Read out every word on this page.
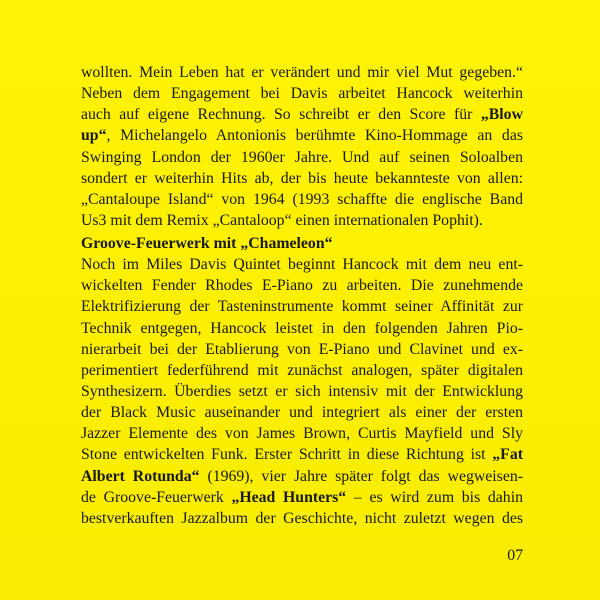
wollten. Mein Leben hat er verändert und mir viel Mut gegeben.“
Neben dem Engagement bei Davis arbeitet Hancock weiterhin
auch auf eigene Rechnung. So schreibt er den Score für „Blow
up“, Michelangelo Antonionis berühmte Kino-Hommage an das
Swinging London der 1960er Jahre. Und auf seinen Soloalben
sondert er weiterhin Hits ab, der bis heute bekannteste von allen:
„Cantaloupe Island“ von 1964 (1993 schaffte die englische Band
Us3 mit dem Remix „Cantaloop“ einen internationalen Pophit).
Groove-Feuerwerk mit „Chameleon“
Noch im Miles Davis Quintet beginnt Hancock mit dem neu ent-
wickelten Fender Rhodes E-Piano zu arbeiten. Die zunehmende
Elektrifizierung der Tasteninstrumente kommt seiner Affinität zur
Technik entgegen, Hancock leistet in den folgenden Jahren Pio-
nierarbeit bei der Etablierung von E-Piano und Clavinet und ex-
perimentiert federführend mit zunächst analogen, später digitalen
Synthesizern. Überdies setzt er sich intensiv mit der Entwicklung
der Black Music auseinander und integriert als einer der ersten
Jazzer Elemente des von James Brown, Curtis Mayfield und Sly
Stone entwickelten Funk. Erster Schritt in diese Richtung ist „Fat
Albert Rotunda“ (1969), vier Jahre später folgt das wegweisen-
de Groove-Feuerwerk „Head Hunters“ – es wird zum bis dahin
bestverkauften Jazzalbum der Geschichte, nicht zuletzt wegen des
07
